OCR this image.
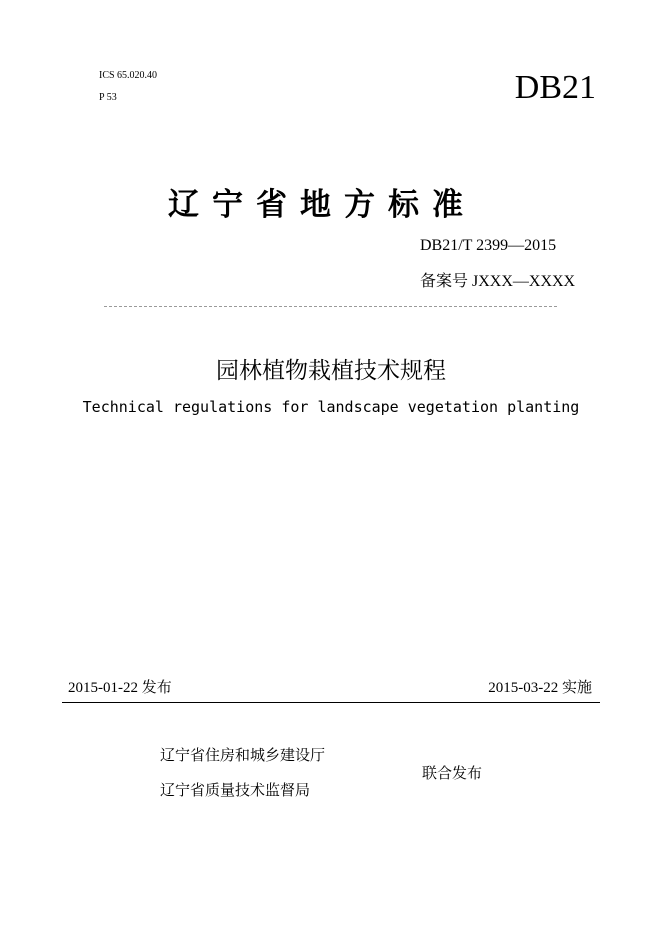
ICS 65.020.40
P 53	DB21
辽宁省地方标准
DB21/T 2399—2015
备案号 JXXX—XXXX
园林植物栽植技术规程
Technical regulations for landscape vegetation planting
2015-01-22 发布	2015-03-22 实施
辽宁省住房和城乡建设厅
辽宁省质量技术监督局
联合发布
